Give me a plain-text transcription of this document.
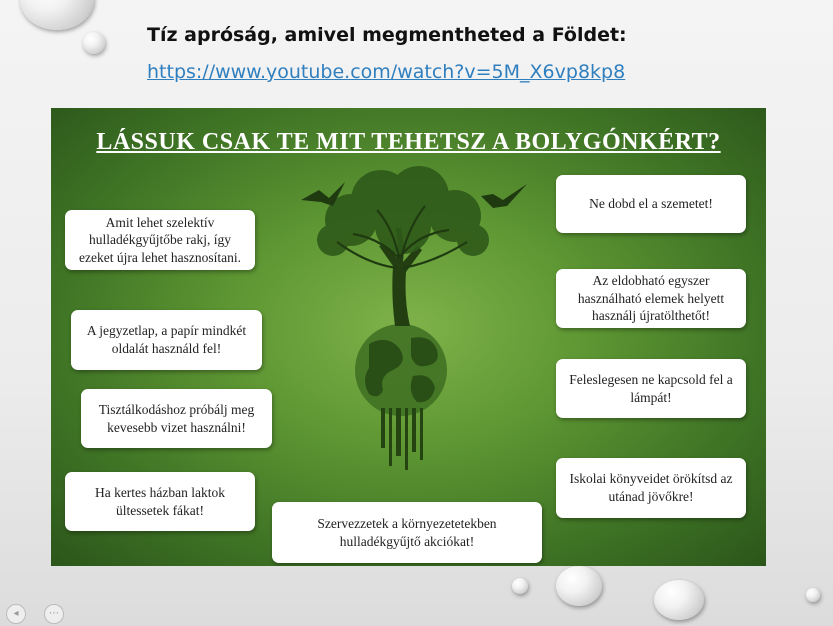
Tíz apróság, amivel megmentheted a Földet:
https://www.youtube.com/watch?v=5M_X6vp8kp8
LÁSSUK CSAK TE MIT TEHETSZ A BOLYGÓNKÉRT?
Amit lehet szelektív hulladékgyűjtőbe rakj, így ezeket újra lehet hasznosítani.
A jegyzetlap, a papír mindkét oldalát használd fel!
Tisztálkodáshoz próbálj meg kevesebb vizet használni!
Ha kertes házban laktok ültessetek fákat!
Szervezzetek a környezetetekben hulladékgyűjtő akciókat!
Ne dobd el a szemetet!
Az eldobható egyszer használható elemek helyett használj újratölthetőt!
Feleslegesen ne kapcsold fel a lámpát!
Iskolai könyveidet örökítsd az utánad jövőkre!
◂	⋯
